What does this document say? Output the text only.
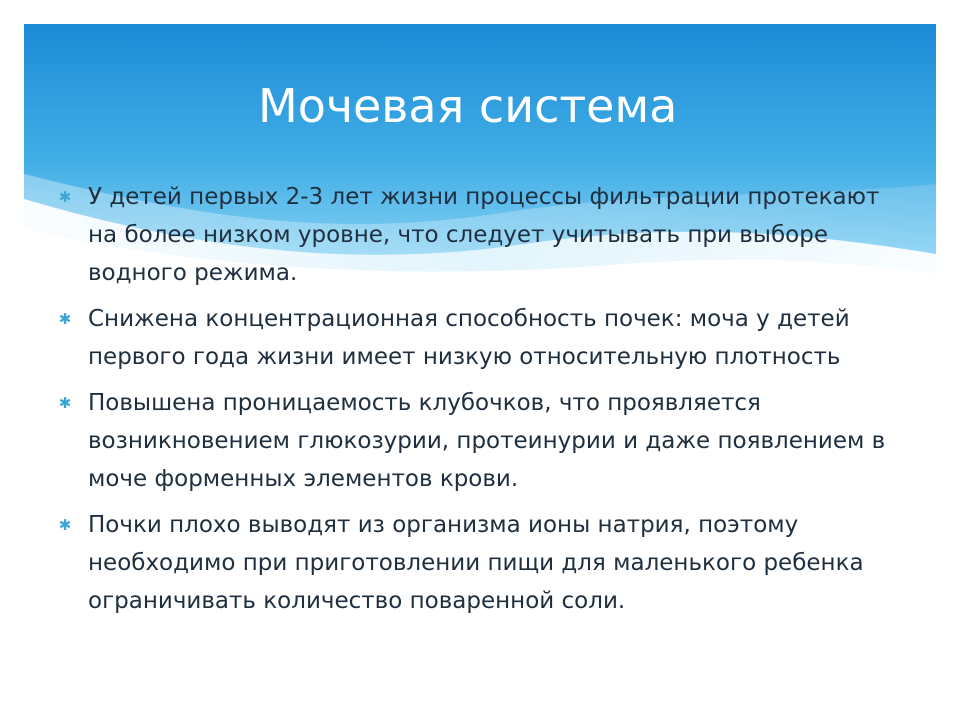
Мочевая система
✱ У детей первых 2-3 лет жизни процессы фильтрации протекают на более низком уровне, что следует учитывать при выборе водного режима.
✱ Снижена концентрационная способность почек: моча у детей первого года жизни имеет низкую относительную плотность
✱ Повышена проницаемость клубочков, что проявляется возникновением глюкозурии, протеинурии и даже появлением в моче форменных элементов крови.
✱ Почки плохо выводят из организма ионы натрия, поэтому необходимо при приготовлении пищи для маленького ребенка ограничивать количество поваренной соли.
